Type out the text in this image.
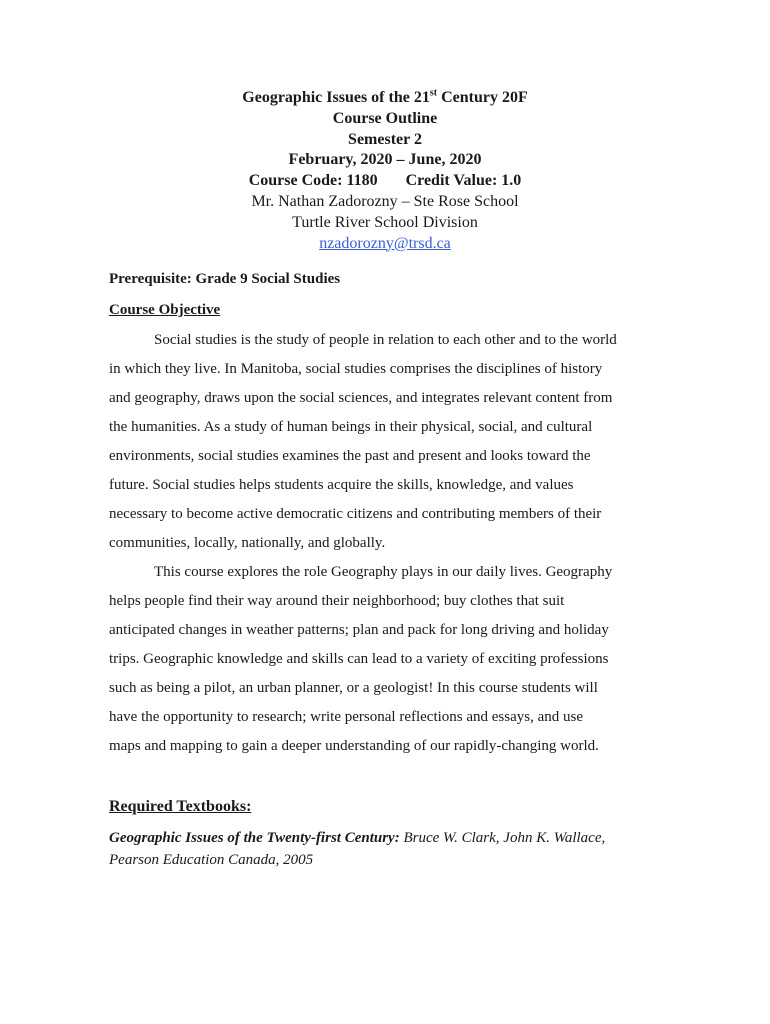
Geographic Issues of the 21st Century 20F
Course Outline
Semester 2
February, 2020 – June, 2020
Course Code: 1180 Credit Value: 1.0
Mr. Nathan Zadorozny – Ste Rose School
Turtle River School Division
nzadorozny@trsd.ca
Prerequisite: Grade 9 Social Studies
Course Objective
Social studies is the study of people in relation to each other and to the world
in which they live. In Manitoba, social studies comprises the disciplines of history
and geography, draws upon the social sciences, and integrates relevant content from
the humanities. As a study of human beings in their physical, social, and cultural
environments, social studies examines the past and present and looks toward the
future. Social studies helps students acquire the skills, knowledge, and values
necessary to become active democratic citizens and contributing members of their
communities, locally, nationally, and globally.
This course explores the role Geography plays in our daily lives. Geography
helps people find their way around their neighborhood; buy clothes that suit
anticipated changes in weather patterns; plan and pack for long driving and holiday
trips. Geographic knowledge and skills can lead to a variety of exciting professions
such as being a pilot, an urban planner, or a geologist! In this course students will
have the opportunity to research; write personal reflections and essays, and use
maps and mapping to gain a deeper understanding of our rapidly-changing world.
Required Textbooks:
Geographic Issues of the Twenty-first Century: Bruce W. Clark, John K. Wallace,
Pearson Education Canada, 2005
